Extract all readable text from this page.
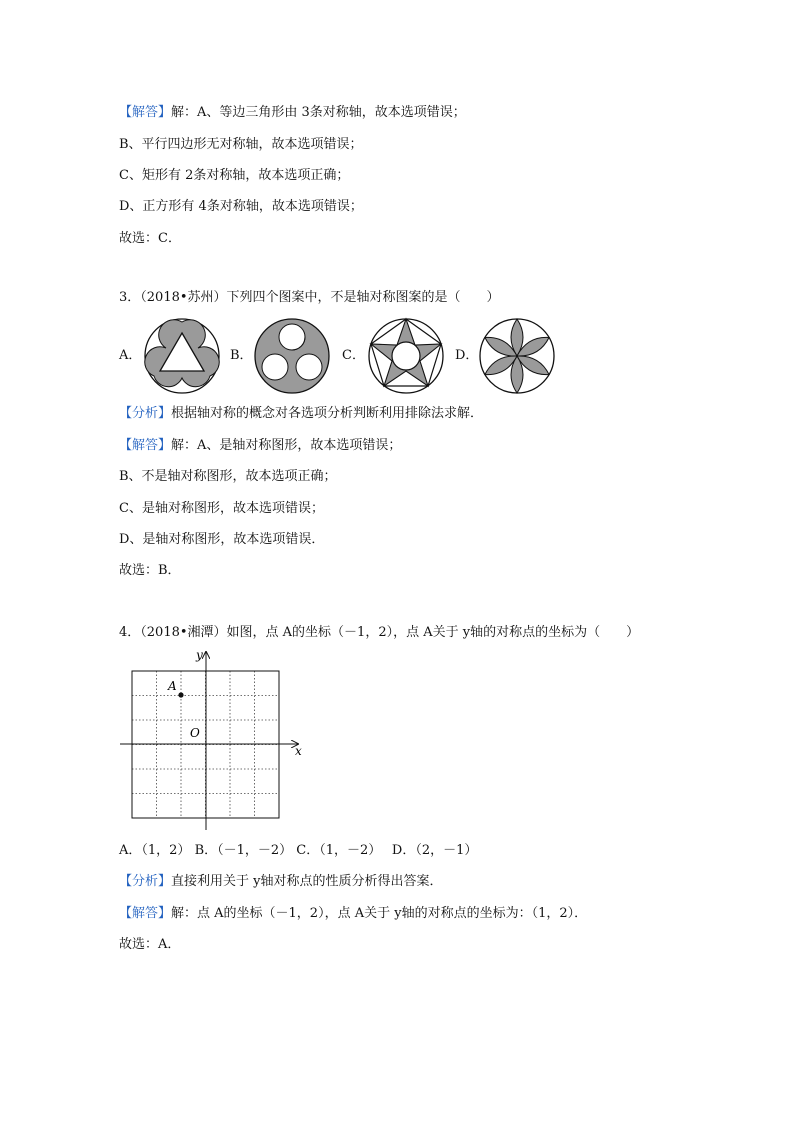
【解答】解：A、等边三角形由 3条对称轴，故本选项错误；
B、平行四边形无对称轴，故本选项错误；
C、矩形有 2条对称轴，故本选项正确；
D、正方形有 4条对称轴，故本选项错误；
故选：C．
3．（2018•苏州）下列四个图案中，不是轴对称图案的是（　　）
A．	B．	C．	D．
【分析】根据轴对称的概念对各选项分析判断利用排除法求解．
【解答】解：A、是轴对称图形，故本选项错误；
B、不是轴对称图形，故本选项正确；
C、是轴对称图形，故本选项错误；
D、是轴对称图形，故本选项错误．
故选：B．
4．（2018•湘潭）如图，点 A的坐标（－1，2），点 A关于 y轴的对称点的坐标为（　　）
x
y
O
A
A．（1，2） B．（－1，－2） C．（1，－2）　 D．（2，－1）
【分析】直接利用关于 y轴对称点的性质分析得出答案．
【解答】解：点 A的坐标（－1，2），点 A关于 y轴的对称点的坐标为：（1，2）．
故选：A．
